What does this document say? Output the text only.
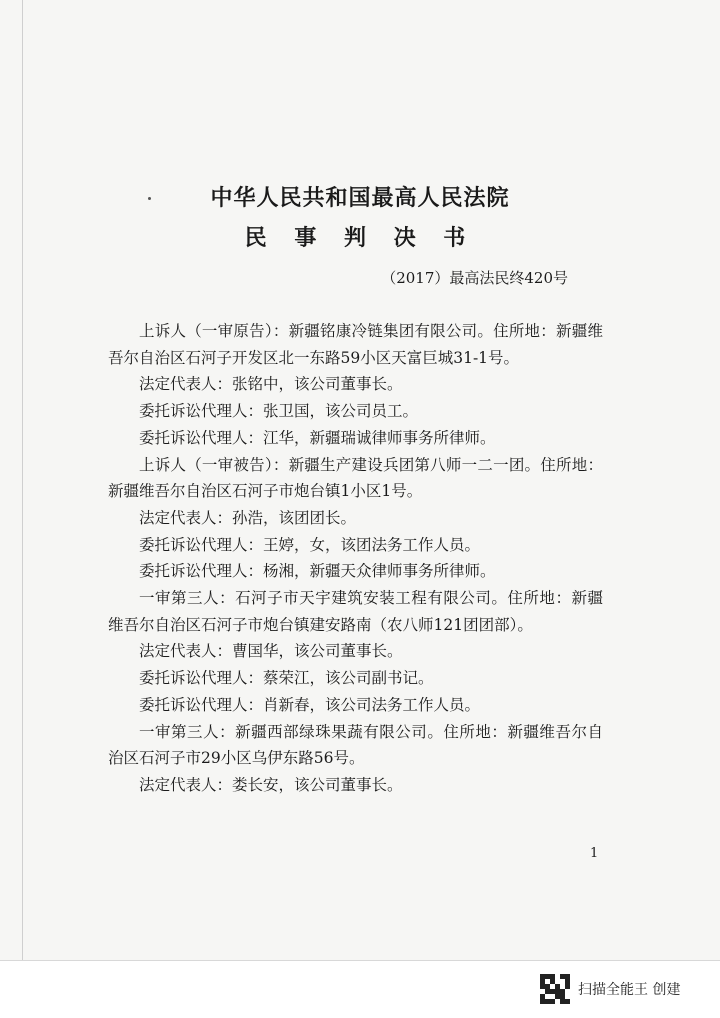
中华人民共和国最高人民法院
民 事 判 决 书
（2017）最高法民终420号

上诉人（一审原告）：新疆铭康冷链集团有限公司。住所地：新疆维吾尔自治区石河子开发区北一东路59小区天富巨城31-1号。

法定代表人：张铭中，该公司董事长。

委托诉讼代理人：张卫国，该公司员工。

委托诉讼代理人：江华，新疆瑞诚律师事务所律师。

上诉人（一审被告）：新疆生产建设兵团第八师一二一团。住所地：新疆维吾尔自治区石河子市炮台镇1小区1号。

法定代表人：孙浩，该团团长。

委托诉讼代理人：王婷，女，该团法务工作人员。

委托诉讼代理人：杨湘，新疆天众律师事务所律师。

一审第三人：石河子市天宇建筑安装工程有限公司。住所地：新疆维吾尔自治区石河子市炮台镇建安路南（农八师121团团部）。

法定代表人：曹国华，该公司董事长。

委托诉讼代理人：蔡荣江，该公司副书记。

委托诉讼代理人：肖新春，该公司法务工作人员。

一审第三人：新疆西部绿珠果蔬有限公司。住所地：新疆维吾尔自治区石河子市29小区乌伊东路56号。

法定代表人：娄长安，该公司董事长。

1
扫描全能王 创建
